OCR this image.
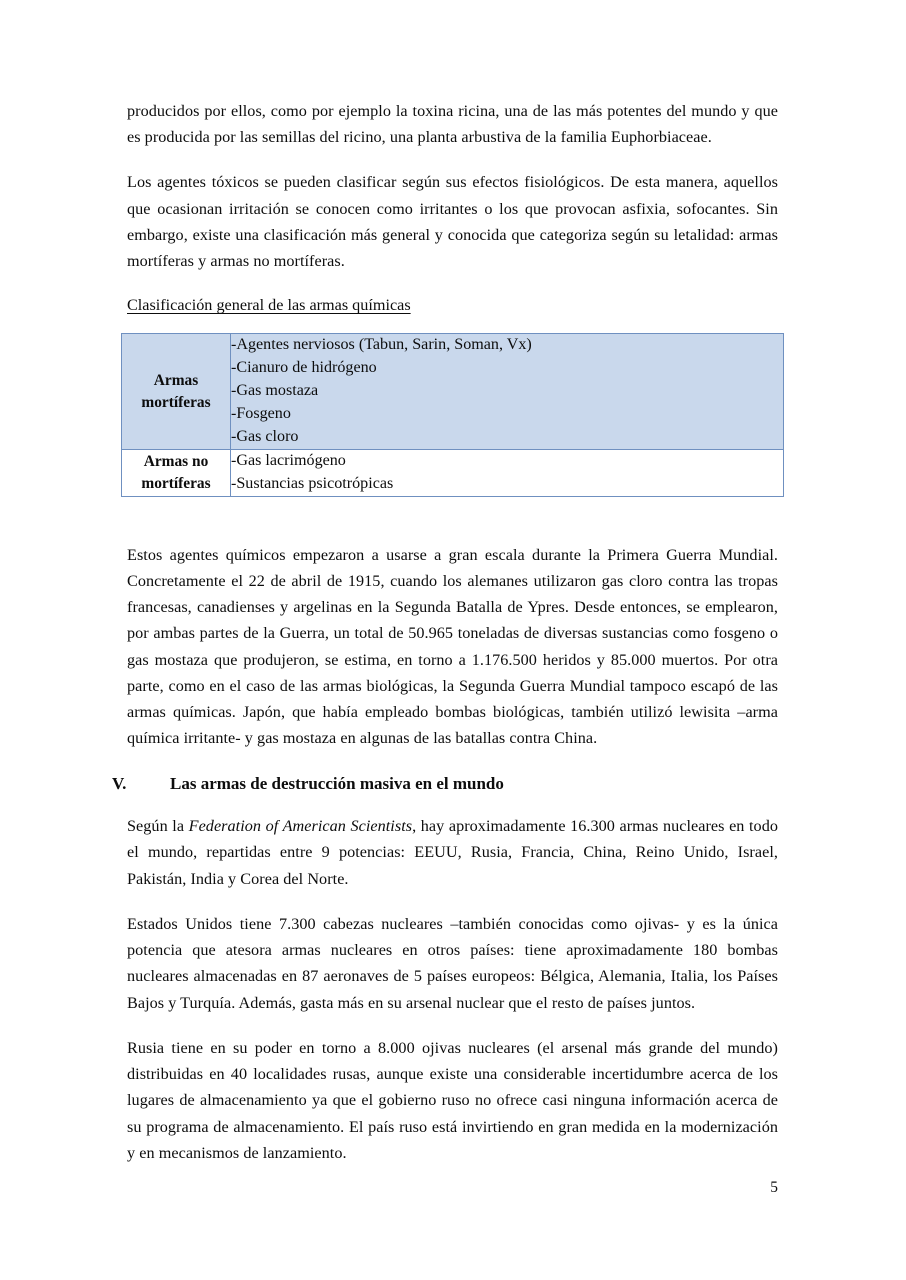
producidos por ellos, como por ejemplo la toxina ricina, una de las más potentes del mundo y que es producida por las semillas del ricino, una planta arbustiva de la familia Euphorbiaceae.

Los agentes tóxicos se pueden clasificar según sus efectos fisiológicos. De esta manera, aquellos que ocasionan irritación se conocen como irritantes o los que provocan asfixia, sofocantes. Sin embargo, existe una clasificación más general y conocida que categoriza según su letalidad: armas mortíferas y armas no mortíferas.

Clasificación general de las armas químicas
Armas
mortíferas	-Agentes nerviosos (Tabun, Sarin, Soman, Vx)
-Cianuro de hidrógeno
-Gas mostaza
-Fosgeno
-Gas cloro

Armas no
mortíferas	-Gas lacrimógeno
-Sustancias psicotrópicas

Estos agentes químicos empezaron a usarse a gran escala durante la Primera Guerra Mundial. Concretamente el 22 de abril de 1915, cuando los alemanes utilizaron gas cloro contra las tropas francesas, canadienses y argelinas en la Segunda Batalla de Ypres. Desde entonces, se emplearon, por ambas partes de la Guerra, un total de 50.965 toneladas de diversas sustancias como fosgeno o gas mostaza que produjeron, se estima, en torno a 1.176.500 heridos y 85.000 muertos. Por otra parte, como en el caso de las armas biológicas, la Segunda Guerra Mundial tampoco escapó de las armas químicas. Japón, que había empleado bombas biológicas, también utilizó lewisita –arma química irritante- y gas mostaza en algunas de las batallas contra China.

V.	Las armas de destrucción masiva en el mundo

Según la Federation of American Scientists, hay aproximadamente 16.300 armas nucleares en todo el mundo, repartidas entre 9 potencias: EEUU, Rusia, Francia, China, Reino Unido, Israel, Pakistán, India y Corea del Norte.

Estados Unidos tiene 7.300 cabezas nucleares –también conocidas como ojivas- y es la única potencia que atesora armas nucleares en otros países: tiene aproximadamente 180 bombas nucleares almacenadas en 87 aeronaves de 5 países europeos: Bélgica, Alemania, Italia, los Países Bajos y Turquía. Además, gasta más en su arsenal nuclear que el resto de países juntos.

Rusia tiene en su poder en torno a 8.000 ojivas nucleares (el arsenal más grande del mundo) distribuidas en 40 localidades rusas, aunque existe una considerable incertidumbre acerca de los lugares de almacenamiento ya que el gobierno ruso no ofrece casi ninguna información acerca de su programa de almacenamiento. El país ruso está invirtiendo en gran medida en la modernización y en mecanismos de lanzamiento.

5
